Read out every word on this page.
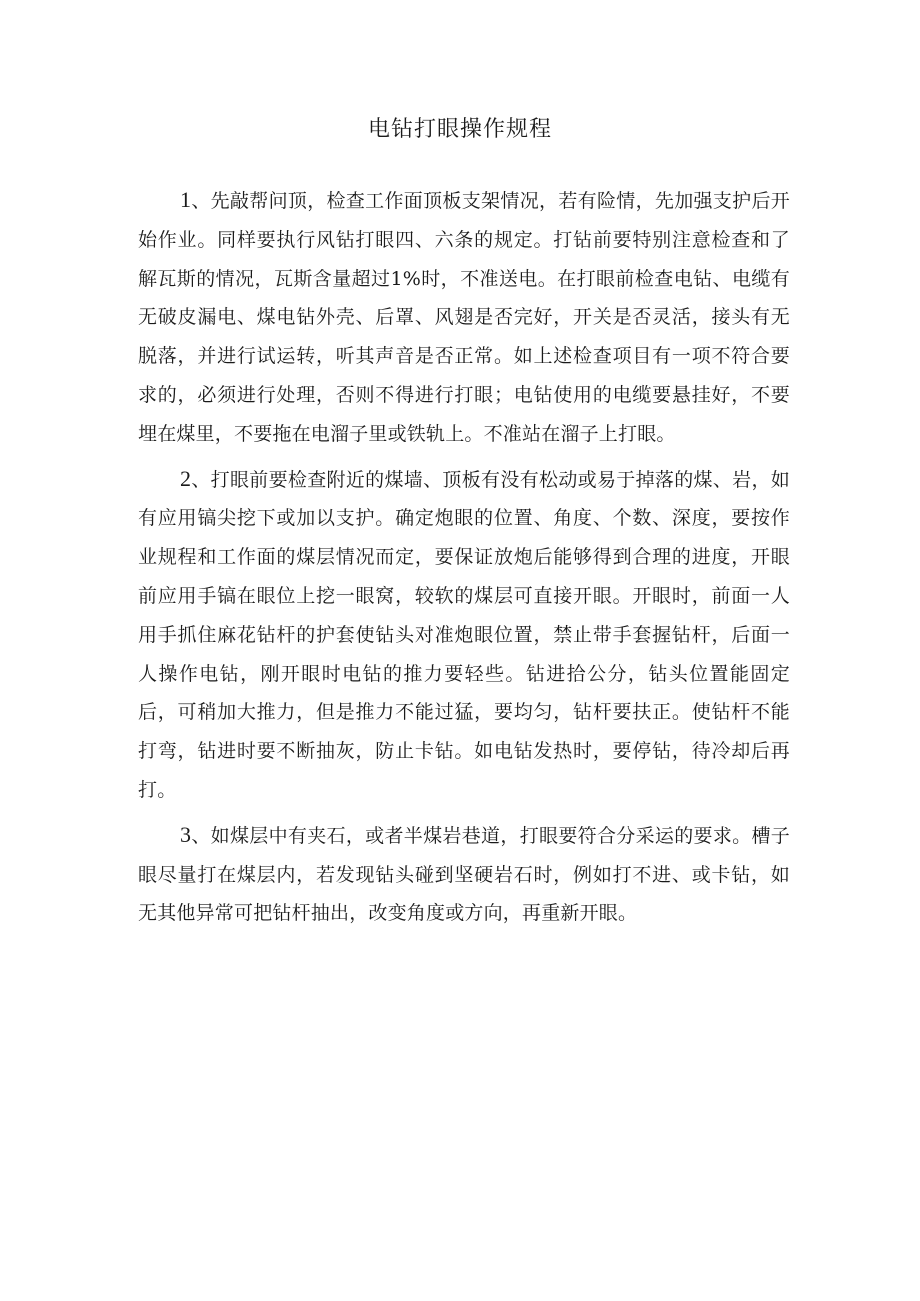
电钻打眼操作规程

1、先敲帮问顶，检查工作面顶板支架情况，若有险情，先加强支护后开始作业。同样要执行风钻打眼四、六条的规定。打钻前要特别注意检查和了解瓦斯的情况，瓦斯含量超过1%时，不准送电。在打眼前检查电钻、电缆有无破皮漏电、煤电钻外壳、后罩、风翅是否完好，开关是否灵活，接头有无脱落，并进行试运转，听其声音是否正常。如上述检查项目有一项不符合要求的，必须进行处理，否则不得进行打眼；电钻使用的电缆要悬挂好，不要埋在煤里，不要拖在电溜子里或铁轨上。不准站在溜子上打眼。

2、打眼前要检查附近的煤墙、顶板有没有松动或易于掉落的煤、岩，如有应用镐尖挖下或加以支护。确定炮眼的位置、角度、个数、深度，要按作业规程和工作面的煤层情况而定，要保证放炮后能够得到合理的进度，开眼前应用手镐在眼位上挖一眼窝，较软的煤层可直接开眼。开眼时，前面一人用手抓住麻花钻杆的护套使钻头对准炮眼位置，禁止带手套握钻杆，后面一人操作电钻，刚开眼时电钻的推力要轻些。钻进拾公分，钻头位置能固定后，可稍加大推力，但是推力不能过猛，要均匀，钻杆要扶正。使钻杆不能打弯，钻进时要不断抽灰，防止卡钻。如电钻发热时，要停钻，待冷却后再打。

3、如煤层中有夹石，或者半煤岩巷道，打眼要符合分采运的要求。槽子眼尽量打在煤层内，若发现钻头碰到坚硬岩石时，例如打不进、或卡钻，如无其他异常可把钻杆抽出，改变角度或方向，再重新开眼。
